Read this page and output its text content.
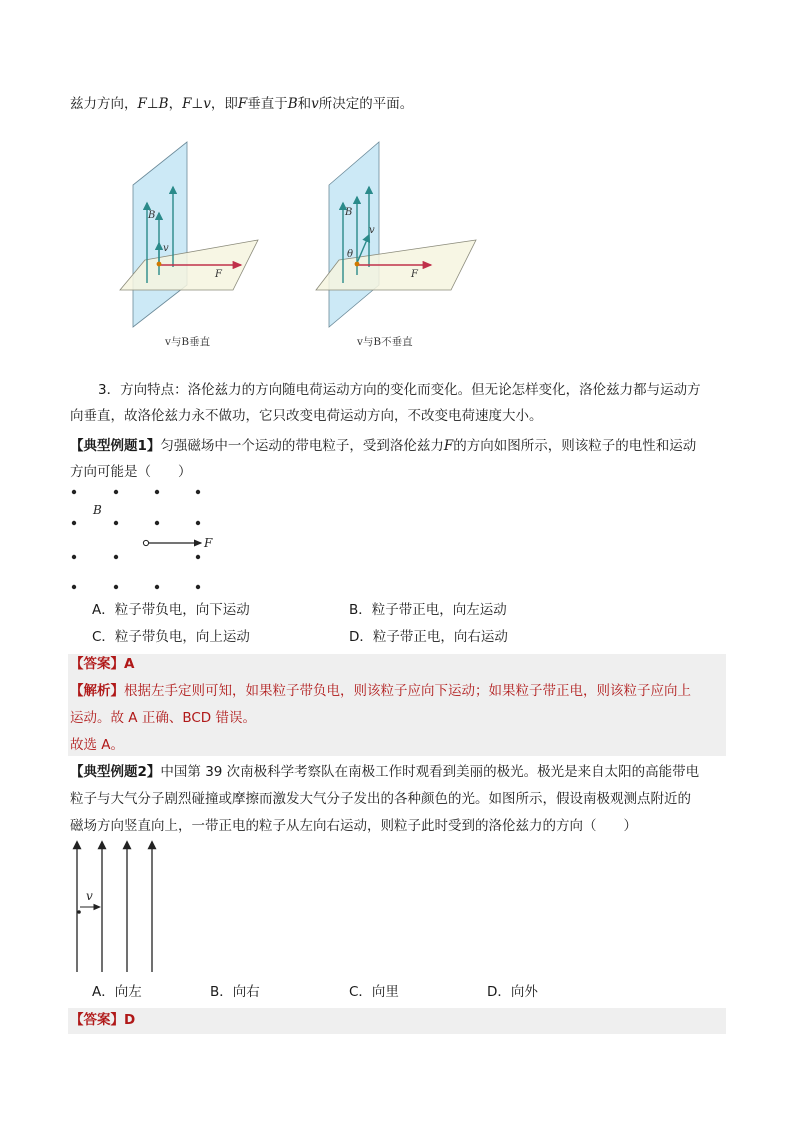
兹力方向，F⊥B，F⊥v，即F垂直于B和v所决定的平面。
B
v
F
v与B垂直
B
v
θ
F
v与B不垂直
3．方向特点：洛伦兹力的方向随电荷运动方向的变化而变化。但无论怎样变化，洛伦兹力都与运动方
向垂直，故洛伦兹力永不做功，它只改变电荷运动方向，不改变电荷速度大小。
【典型例题1】匀强磁场中一个运动的带电粒子，受到洛伦兹力F的方向如图所示，则该粒子的电性和运动
方向可能是（　　）
B
F
A．粒子带负电，向下运动	B．粒子带正电，向左运动
C．粒子带负电，向上运动	D．粒子带正电，向右运动
【答案】A
【解析】根据左手定则可知，如果粒子带负电，则该粒子应向下运动；如果粒子带正电，则该粒子应向上
运动。故 A 正确、BCD 错误。
故选 A。
【典型例题2】中国第 39 次南极科学考察队在南极工作时观看到美丽的极光。极光是来自太阳的高能带电
粒子与大气分子剧烈碰撞或摩擦而激发大气分子发出的各种颜色的光。如图所示，假设南极观测点附近的
磁场方向竖直向上，一带正电的粒子从左向右运动，则粒子此时受到的洛伦兹力的方向（　　）
v
A．向左	B．向右	C．向里	D．向外
【答案】D
